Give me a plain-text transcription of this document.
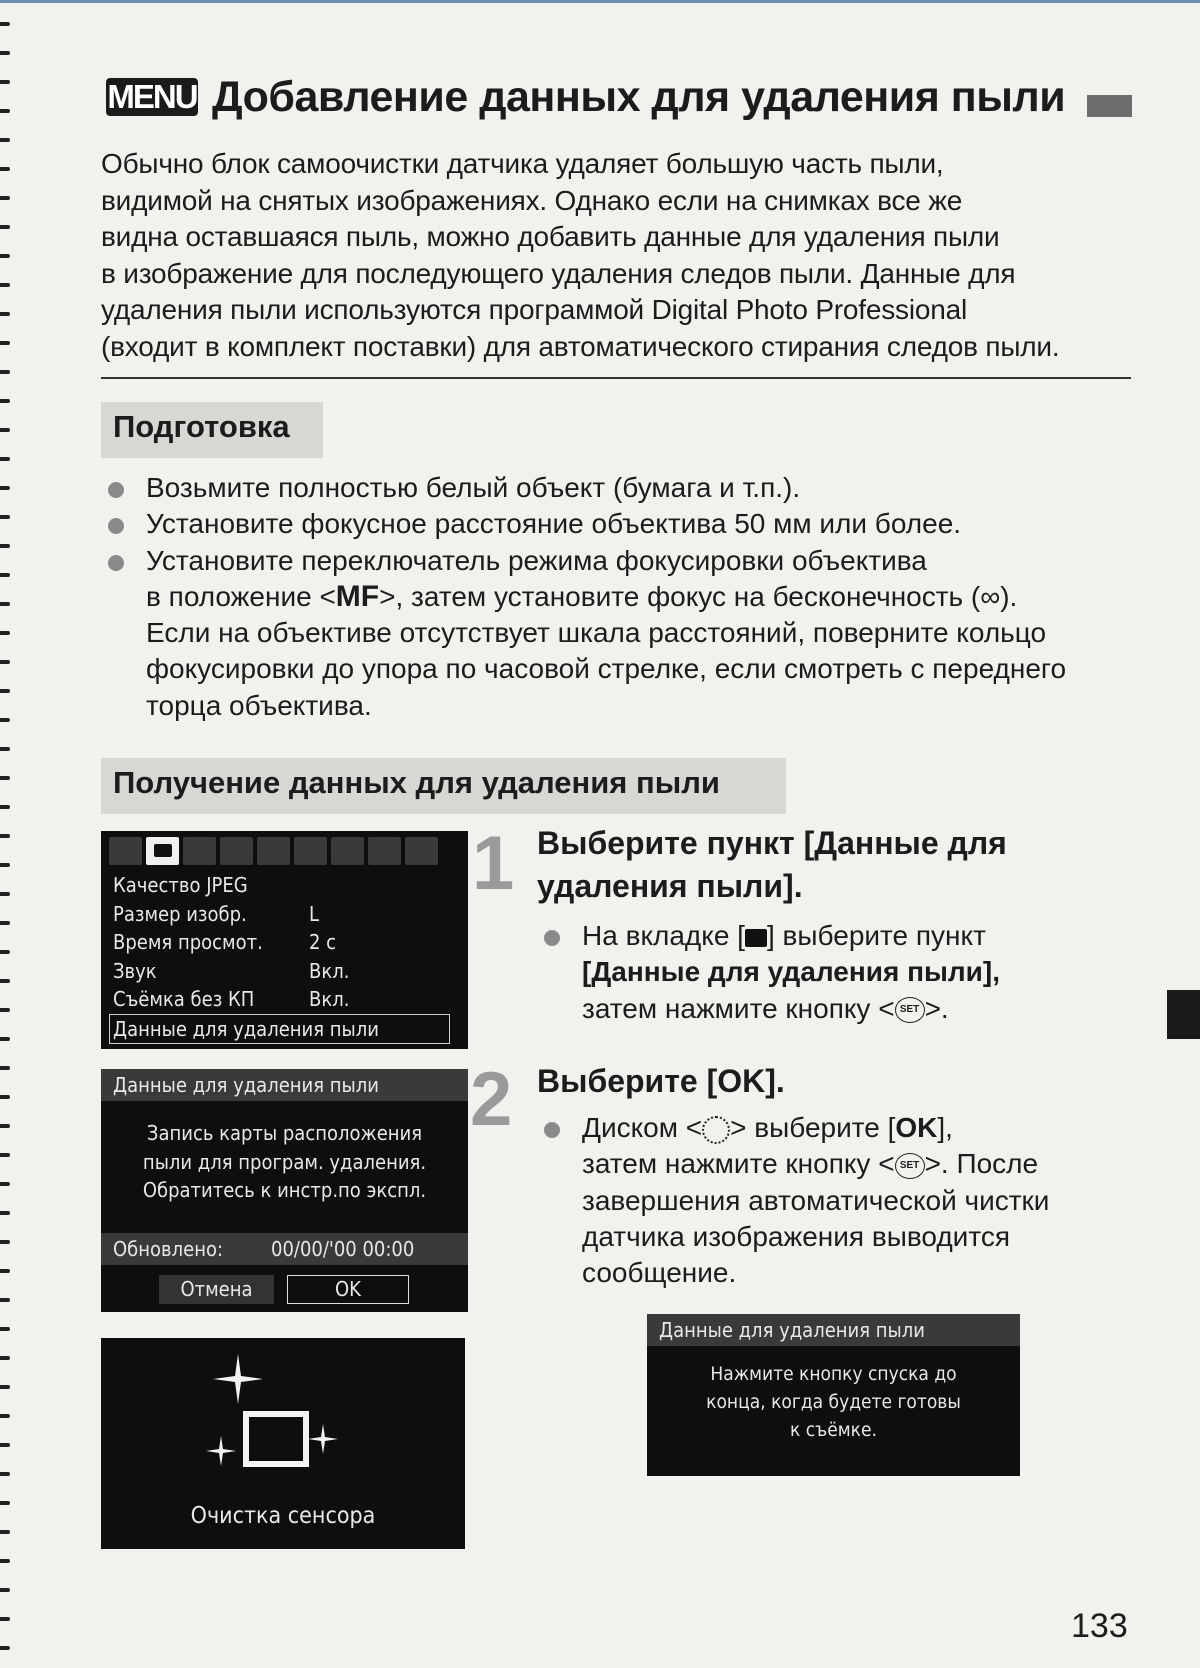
MENU Добавление данных для удаления пыли

Обычно блок самоочистки датчика удаляет большую часть пыли,

видимой на снятых изображениях. Однако если на снимках все же

видна оставшаяся пыль, можно добавить данные для удаления пыли

в изображение для последующего удаления следов пыли. Данные для

удаления пыли используются программой Digital Photo Professional

(входит в комплект поставки) для автоматического стирания следов пыли.

Подготовка

Возьмите полностью белый объект (бумага и т.п.).

Установите фокусное расстояние объектива 50 мм или более.

Установите переключатель режима фокусировки объектива

в положение <MF>, затем установите фокус на бесконечность (∞).

Если на объективе отсутствует шкала расстояний, поверните кольцо

фокусировки до упора по часовой стрелке, если смотреть с переднего

торца объектива.

Получение данных для удаления пыли
Качество JPEG
Размер изобр.	L
Время просмот.	2 с
Звук	Вкл.
Съёмка без КП	Вкл.
Данные для удаления пыли
Данные для удаления пыли

Запись карты расположения

пыли для програм. удаления.

Обратитесь к инстр.по экспл.

Обновлено: 00/00/'00 00:00
Отмена	OK
Очистка сенсора
Данные для удаления пыли

Нажмите кнопку спуска до

конца, когда будете готовы

к съёмке.

1 Выберите пункт [Данные для
удаления пыли].

На вкладке [ ] выберите пункт

[Данные для удаления пыли],

затем нажмите кнопку < SET >.

2 Выберите [OK].

Диском < > выберите [OK],

затем нажмите кнопку < SET >. После

завершения автоматической чистки

датчика изображения выводится

сообщение.

133
